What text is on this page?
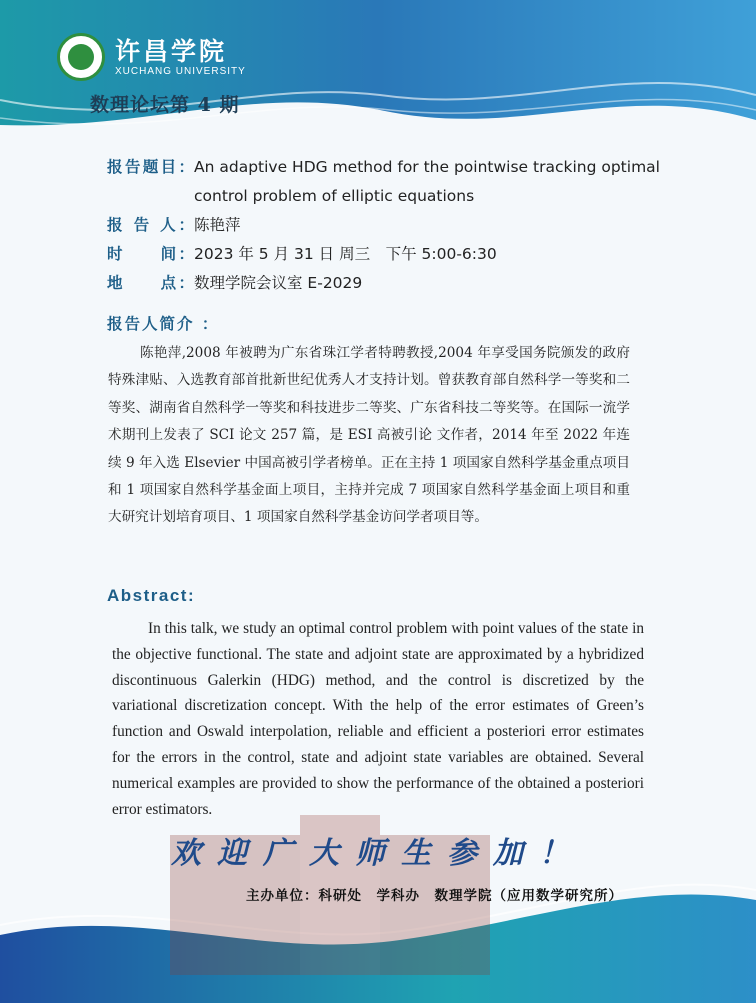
许昌学院
XUCHANG UNIVERSITY
数理论坛第 4 期
报告题目： An adaptive HDG method for the pointwise tracking optimal
control problem of elliptic equations
报 告 人： 陈艳萍
时　　间： 2023 年 5 月 31 日 周三　下午 5:00-6:30
地　　点： 数理学院会议室 E-2029
报告人简介 ：
陈艳萍,2008 年被聘为广东省珠江学者特聘教授,2004 年享受国务院颁发的政府特殊津贴、入选教育部首批新世纪优秀人才支持计划。曾获教育部自然科学一等奖和二等奖、湖南省自然科学一等奖和科技进步二等奖、广东省科技二等奖等。在国际一流学术期刊上发表了 SCI 论文 257 篇，是 ESI 高被引论 文作者，2014 年至 2022 年连续 9 年入选 Elsevier 中国高被引学者榜单。正在主持 1 项国家自然科学基金重点项目 和 1 项国家自然科学基金面上项目，主持并完成 7 项国家自然科学基金面上项目和重大研究计划培育项目、1 项国家自然科学基金访问学者项目等。
Abstract:
In this talk, we study an optimal control problem with point values of the state in the objective functional. The state and adjoint state are approximated by a hybridized discontinuous Galerkin (HDG) method, and the control is discretized by the variational discretization concept. With the help of the error estimates of Green’s function and Oswald interpolation, reliable and efficient a posteriori error estimates for the errors in the control, state and adjoint state variables are obtained. Several numerical examples are provided to show the performance of the obtained a posteriori error estimators.
欢迎广大师生参加！
主办单位：科研处　学科办　数理学院（应用数学研究所）
